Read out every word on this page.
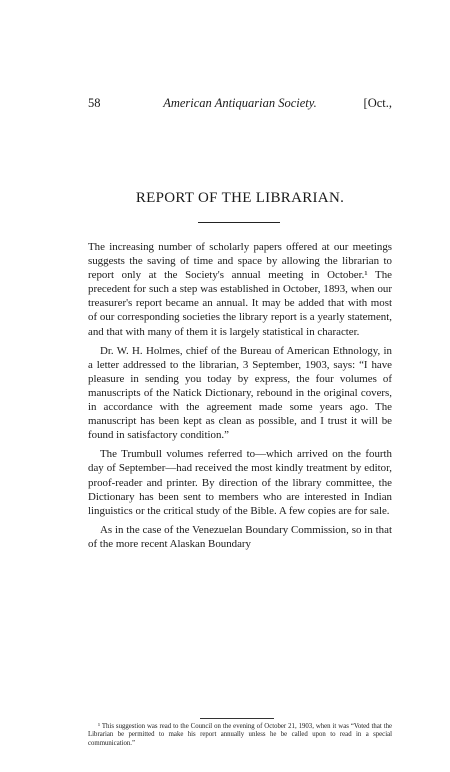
58	American Antiquarian Society.	[Oct.,
REPORT OF THE LIBRARIAN.

The increasing number of scholarly papers offered at our meetings suggests the saving of time and space by allowing the librarian to report only at the Society's annual meeting in October.¹ The precedent for such a step was established in October, 1893, when our treasurer's report became an annual. It may be added that with most of our corresponding societies the library report is a yearly statement, and that with many of them it is largely statistical in character.

Dr. W. H. Holmes, chief of the Bureau of American Ethnology, in a letter addressed to the librarian, 3 September, 1903, says: “I have pleasure in sending you today by express, the four volumes of manuscripts of the Natick Dictionary, rebound in the original covers, in accordance with the agreement made some years ago. The manuscript has been kept as clean as possible, and I trust it will be found in satisfactory condition.”

The Trumbull volumes referred to—which arrived on the fourth day of September—had received the most kindly treatment by editor, proof-reader and printer. By direction of the library committee, the Dictionary has been sent to members who are interested in Indian linguistics or the critical study of the Bible. A few copies are for sale.

As in the case of the Venezuelan Boundary Commission, so in that of the more recent Alaskan Boundary

¹ This suggestion was read to the Council on the evening of October 21, 1903, when it was “Voted that the Librarian be permitted to make his report annually unless he be called upon to read in a special communication.”
